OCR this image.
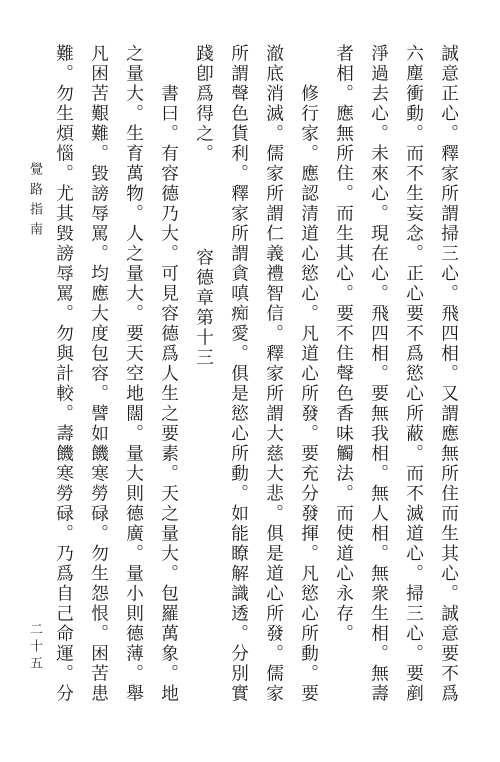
誠意正心。釋家所謂掃三心。飛四相。又謂應無所住而生其心。誠意要不爲
六塵衝動。而不生妄念。正心要不爲慾心所蔽。而不滅道心。掃三心。要剷
淨過去心。未來心。現在心。飛四相。要無我相。無人相。無衆生相。無壽
者相。應無所住。而生其心。要不住聲色香味觸法。而使道心永存。
修行家。應認清道心慾心。凡道心所發。要充分發揮。凡慾心所動。要
澈底消滅。儒家所謂仁義禮智信。釋家所謂大慈大悲。俱是道心所發。儒家
所謂聲色貨利。釋家所謂貪嗔痴愛。俱是慾心所動。如能瞭解識透。分別實
踐卽爲得之。
容德章第十三
書曰。有容德乃大。可見容德爲人生之要素。天之量大。包羅萬象。地
之量大。生育萬物。人之量大。要天空地闊。量大則德廣。量小則德薄。舉
凡困苦艱難。毀謗辱罵。均應大度包容。譬如饑寒勞碌。勿生怨恨。困苦患
難。勿生煩惱。尤其毀謗辱罵。勿與計較。壽饑寒勞碌。乃爲自己命運。分
覺路指南
二十五
